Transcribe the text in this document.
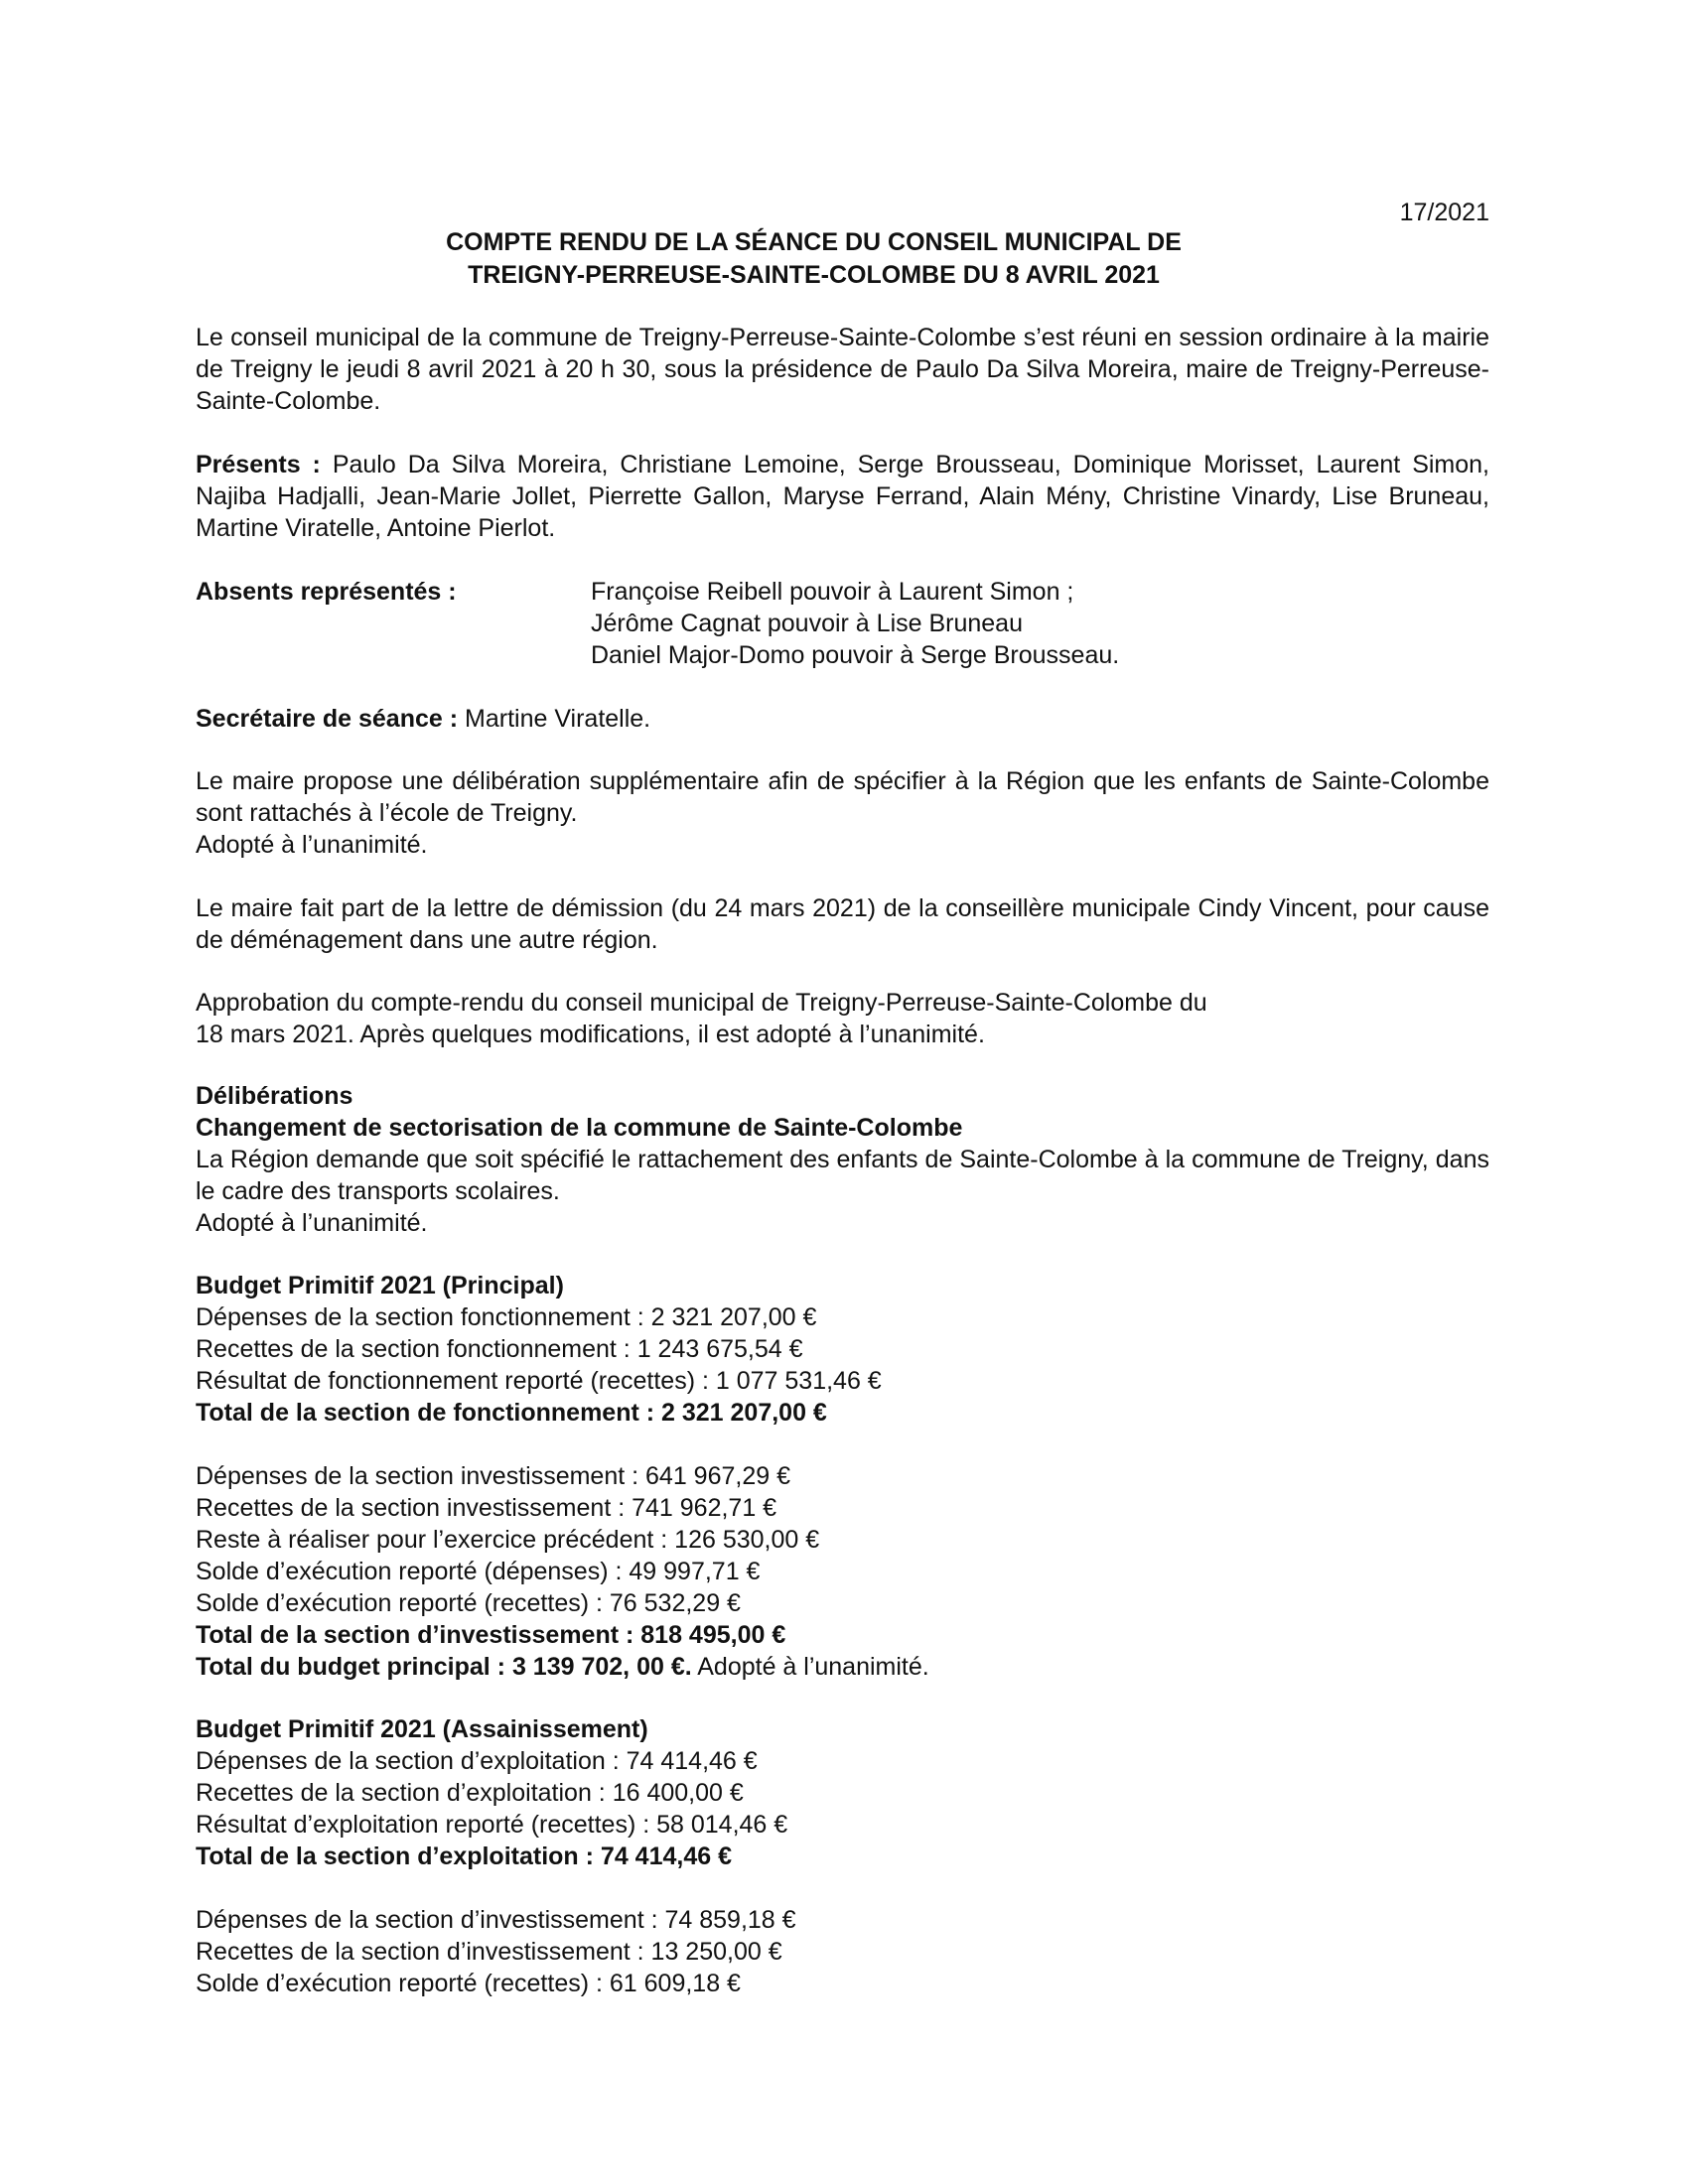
17/2021
COMPTE RENDU DE LA SÉANCE DU CONSEIL MUNICIPAL DE
TREIGNY-PERREUSE-SAINTE-COLOMBE DU 8 AVRIL 2021

Le conseil municipal de la commune de Treigny-Perreuse-Sainte-Colombe s’est réuni en session ordinaire à la mairie de Treigny le jeudi 8 avril 2021 à 20 h 30, sous la présidence de Paulo Da Silva Moreira, maire de Treigny-Perreuse-Sainte-Colombe.

Présents : Paulo Da Silva Moreira, Christiane Lemoine, Serge Brousseau, Dominique Morisset, Laurent Simon, Najiba Hadjalli, Jean-Marie Jollet, Pierrette Gallon, Maryse Ferrand, Alain Mény, Christine Vinardy, Lise Bruneau, Martine Viratelle, Antoine Pierlot.

Absents représentés :	Françoise Reibell pouvoir à Laurent Simon ;
Jérôme Cagnat pouvoir à Lise Bruneau
Daniel Major-Domo pouvoir à Serge Brousseau.

Secrétaire de séance : Martine Viratelle.

Le maire propose une délibération supplémentaire afin de spécifier à la Région que les enfants de Sainte-Colombe sont rattachés à l’école de Treigny.

Adopté à l’unanimité.

Le maire fait part de la lettre de démission (du 24 mars 2021) de la conseillère municipale Cindy Vincent, pour cause de déménagement dans une autre région.

Approbation du compte-rendu du conseil municipal de Treigny-Perreuse-Sainte-Colombe du
18 mars 2021. Après quelques modifications, il est adopté à l’unanimité.
Délibérations
Changement de sectorisation de la commune de Sainte-Colombe

La Région demande que soit spécifié le rattachement des enfants de Sainte-Colombe à la commune de Treigny, dans le cadre des transports scolaires.

Adopté à l’unanimité.

Budget Primitif 2021 (Principal)
Dépenses de la section fonctionnement : 2 321 207,00 €
Recettes de la section fonctionnement : 1 243 675,54 €
Résultat de fonctionnement reporté (recettes) : 1 077 531,46 €
Total de la section de fonctionnement : 2 321 207,00 €
Dépenses de la section investissement : 641 967,29 €
Recettes de la section investissement : 741 962,71 €
Reste à réaliser pour l’exercice précédent : 126 530,00 €
Solde d’exécution reporté (dépenses) : 49 997,71 €
Solde d’exécution reporté (recettes) : 76 532,29 €
Total de la section d’investissement : 818 495,00 €
Total du budget principal : 3 139 702, 00 €. Adopté à l’unanimité.
Budget Primitif 2021 (Assainissement)
Dépenses de la section d’exploitation : 74 414,46 €
Recettes de la section d’exploitation : 16 400,00 €
Résultat d’exploitation reporté (recettes) : 58 014,46 €
Total de la section d’exploitation : 74 414,46 €
Dépenses de la section d’investissement : 74 859,18 €
Recettes de la section d’investissement : 13 250,00 €
Solde d’exécution reporté (recettes) : 61 609,18 €
